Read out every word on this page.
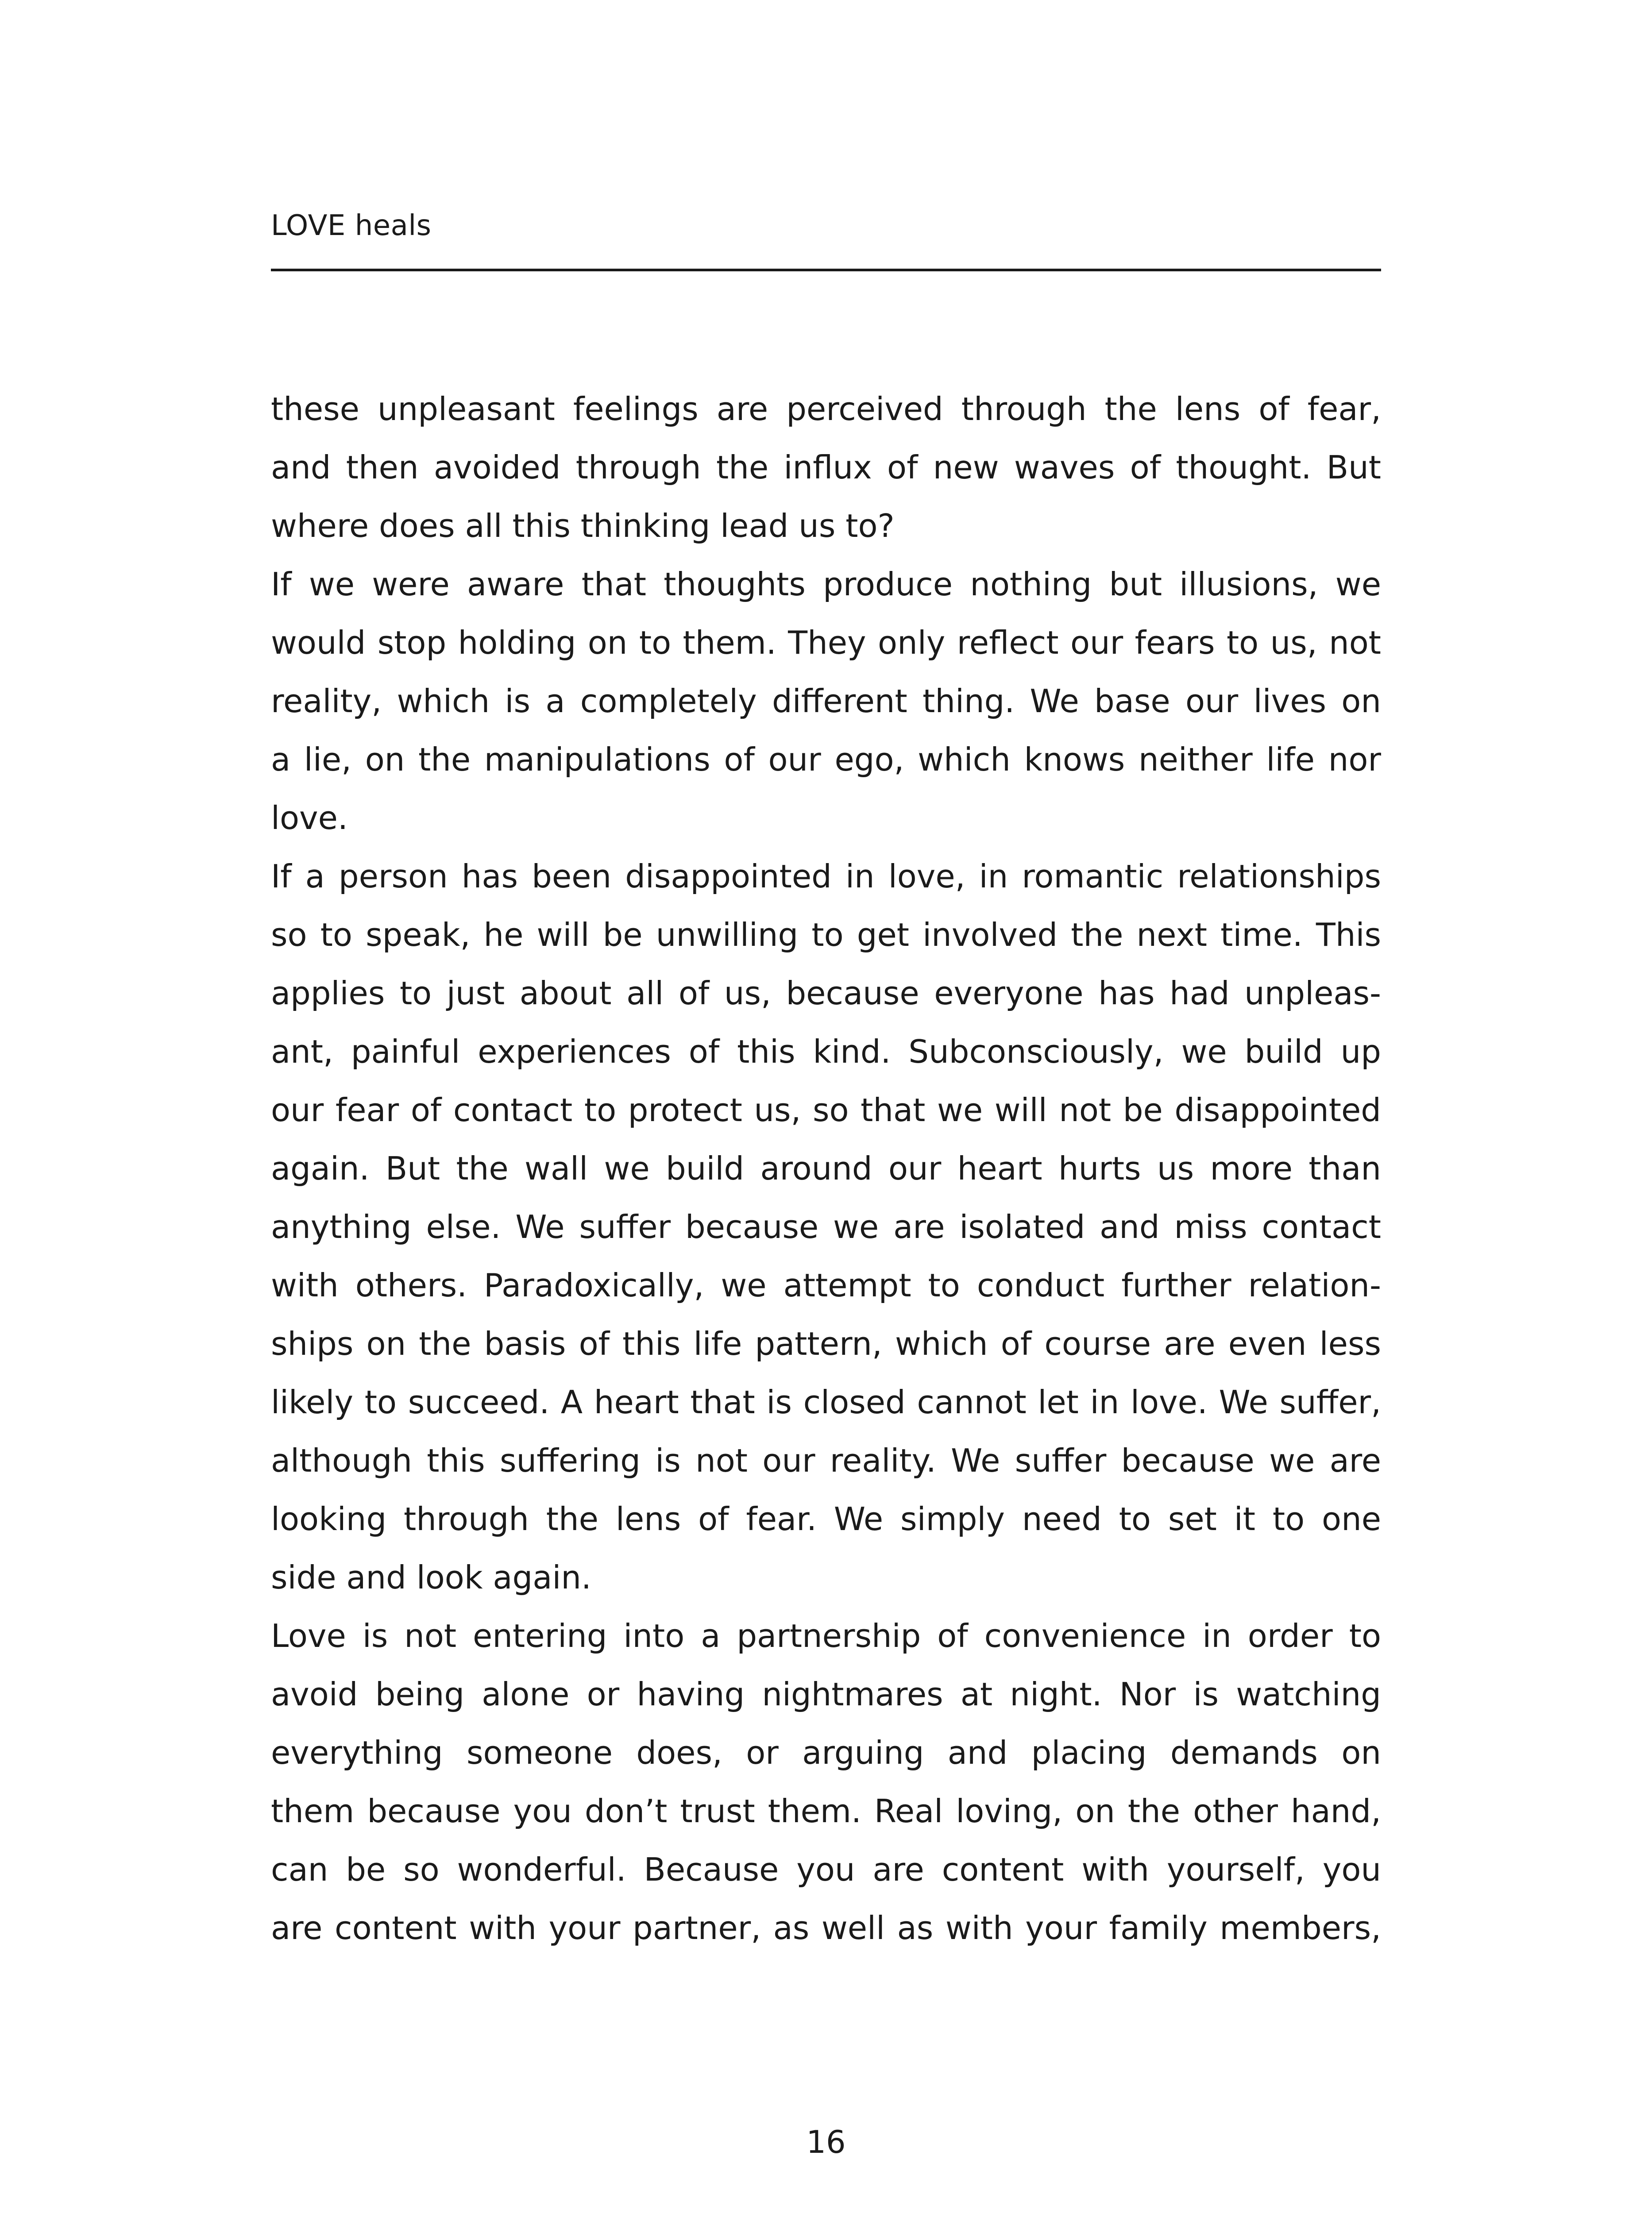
LOVE heals
these unpleasant feelings are perceived through the lens of fear,
and then avoided through the influx of new waves of thought. But
where does all this thinking lead us to?
If we were aware that thoughts produce nothing but illusions, we
would stop holding on to them. They only reflect our fears to us, not
reality, which is a completely different thing. We base our lives on
a lie, on the manipulations of our ego, which knows neither life nor
love.
If a person has been disappointed in love, in romantic relationships
so to speak, he will be unwilling to get involved the next time. This
applies to just about all of us, because everyone has had unpleas-
ant, painful experiences of this kind. Subconsciously, we build up
our fear of contact to protect us, so that we will not be disappointed
again. But the wall we build around our heart hurts us more than
anything else. We suffer because we are isolated and miss contact
with others. Paradoxically, we attempt to conduct further relation-
ships on the basis of this life pattern, which of course are even less
likely to succeed. A heart that is closed cannot let in love. We suffer,
although this suffering is not our reality. We suffer because we are
looking through the lens of fear. We simply need to set it to one
side and look again.
Love is not entering into a partnership of convenience in order to
avoid being alone or having nightmares at night. Nor is watching
everything someone does, or arguing and placing demands on
them because you don’t trust them. Real loving, on the other hand,
can be so wonderful. Because you are content with yourself, you
are content with your partner, as well as with your family members,
16
